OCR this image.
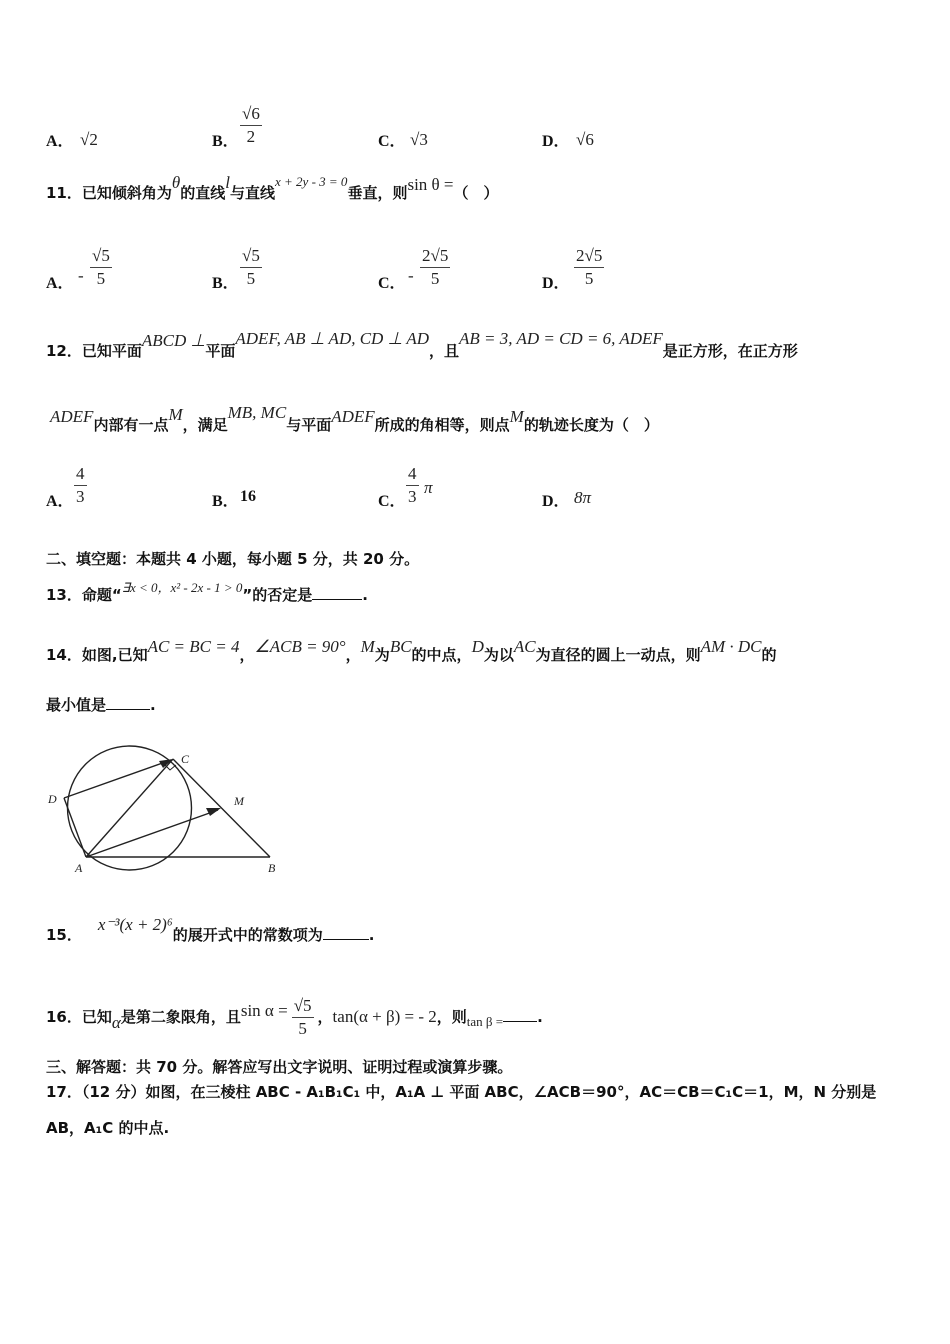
A． √2	B． $\frac{√6}{2}$	C． √3	D． √6
11．已知倾斜角为θ的直线l与直线$^{x + 2y - 3 = 0}$垂直，则sin θ =（　）
A． - $\frac{√5}{5}$	B． $\frac{√5}{5}$	C． - $\frac{2√5}{5}$	D． $\frac{2√5}{5}$
12．已知平面ABCD ⊥平面ADEF, AB ⊥ AD, CD ⊥ AD，且AB = 3, AD = CD = 6, ADEF是正方形，在正方形
ADEF内部有一点M，满足MB, MC与平面ADEF所成的角相等，则点M的轨迹长度为（　）
A． $\frac{4}{3}$	B． 16	C． $\frac{4}{3}$ π
D． 8π
二、填空题：本题共 4 小题，每小题 5 分，共 20 分。
13．命题“$^{\exists x < 0,x^2 - 2x - 1 > 0}$”的否定是	.
14．如图,已知AC = BC = 4，∠ACB = 90°，M为BC的中点，D为以AC为直径的圆上一动点，则AM · DC的
最小值是	.
C
D	M
A	B
15．x⁻³(x + 2)⁶的展开式中的常数项为	.
16．已知α是第二象限角，且$\sin \alpha = \frac{√5}{5}$ ，tan(α + β) = - 2，则$_{tan \beta =}$ .
三、解答题：共 70 分。解答应写出文字说明、证明过程或演算步骤。
17．（12 分）如图，在三棱柱 ABC - A₁B₁C₁ 中，A₁A ⊥ 平面 ABC，∠ACB＝90°，AC＝CB＝C₁C＝1，M，N 分别是
AB，A₁C 的中点.
